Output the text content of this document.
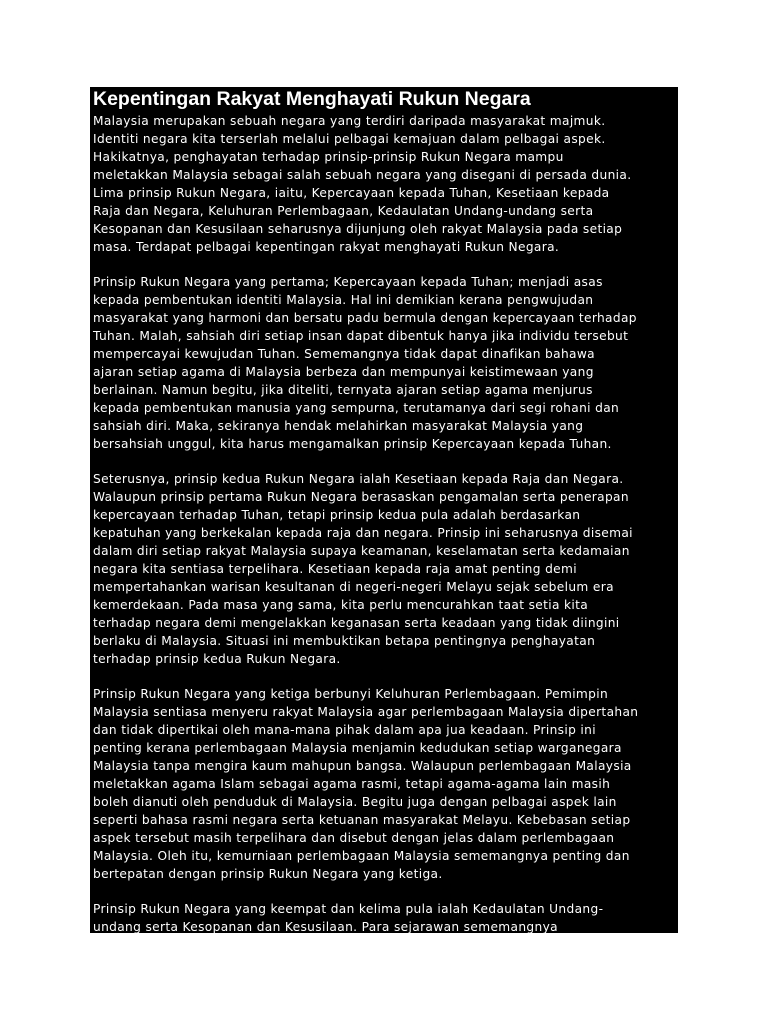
Kepentingan Rakyat Menghayati Rukun Negara

Malaysia merupakan sebuah negara yang terdiri daripada masyarakat majmuk.
Identiti negara kita terserlah melalui pelbagai kemajuan dalam pelbagai aspek.
Hakikatnya, penghayatan terhadap prinsip-prinsip Rukun Negara mampu
meletakkan Malaysia sebagai salah sebuah negara yang disegani di persada dunia.
Lima prinsip Rukun Negara, iaitu, Kepercayaan kepada Tuhan, Kesetiaan kepada
Raja dan Negara, Keluhuran Perlembagaan, Kedaulatan Undang-undang serta
Kesopanan dan Kesusilaan seharusnya dijunjung oleh rakyat Malaysia pada setiap
masa. Terdapat pelbagai kepentingan rakyat menghayati Rukun Negara.

Prinsip Rukun Negara yang pertama; Kepercayaan kepada Tuhan; menjadi asas
kepada pembentukan identiti Malaysia. Hal ini demikian kerana pengwujudan
masyarakat yang harmoni dan bersatu padu bermula dengan kepercayaan terhadap
Tuhan. Malah, sahsiah diri setiap insan dapat dibentuk hanya jika individu tersebut
mempercayai kewujudan Tuhan. Sememangnya tidak dapat dinafikan bahawa
ajaran setiap agama di Malaysia berbeza dan mempunyai keistimewaan yang
berlainan. Namun begitu, jika diteliti, ternyata ajaran setiap agama menjurus
kepada pembentukan manusia yang sempurna, terutamanya dari segi rohani dan
sahsiah diri. Maka, sekiranya hendak melahirkan masyarakat Malaysia yang
bersahsiah unggul, kita harus mengamalkan prinsip Kepercayaan kepada Tuhan.

Seterusnya, prinsip kedua Rukun Negara ialah Kesetiaan kepada Raja dan Negara.
Walaupun prinsip pertama Rukun Negara berasaskan pengamalan serta penerapan
kepercayaan terhadap Tuhan, tetapi prinsip kedua pula adalah berdasarkan
kepatuhan yang berkekalan kepada raja dan negara. Prinsip ini seharusnya disemai
dalam diri setiap rakyat Malaysia supaya keamanan, keselamatan serta kedamaian
negara kita sentiasa terpelihara. Kesetiaan kepada raja amat penting demi
mempertahankan warisan kesultanan di negeri-negeri Melayu sejak sebelum era
kemerdekaan. Pada masa yang sama, kita perlu mencurahkan taat setia kita
terhadap negara demi mengelakkan keganasan serta keadaan yang tidak diingini
berlaku di Malaysia. Situasi ini membuktikan betapa pentingnya penghayatan
terhadap prinsip kedua Rukun Negara.

Prinsip Rukun Negara yang ketiga berbunyi Keluhuran Perlembagaan. Pemimpin
Malaysia sentiasa menyeru rakyat Malaysia agar perlembagaan Malaysia dipertahan
dan tidak dipertikai oleh mana-mana pihak dalam apa jua keadaan. Prinsip ini
penting kerana perlembagaan Malaysia menjamin kedudukan setiap warganegara
Malaysia tanpa mengira kaum mahupun bangsa. Walaupun perlembagaan Malaysia
meletakkan agama Islam sebagai agama rasmi, tetapi agama-agama lain masih
boleh dianuti oleh penduduk di Malaysia. Begitu juga dengan pelbagai aspek lain
seperti bahasa rasmi negara serta ketuanan masyarakat Melayu. Kebebasan setiap
aspek tersebut masih terpelihara dan disebut dengan jelas dalam perlembagaan
Malaysia. Oleh itu, kemurniaan perlembagaan Malaysia sememangnya penting dan
bertepatan dengan prinsip Rukun Negara yang ketiga.

Prinsip Rukun Negara yang keempat dan kelima pula ialah Kedaulatan Undang-
undang serta Kesopanan dan Kesusilaan. Para sejarawan sememangnya
